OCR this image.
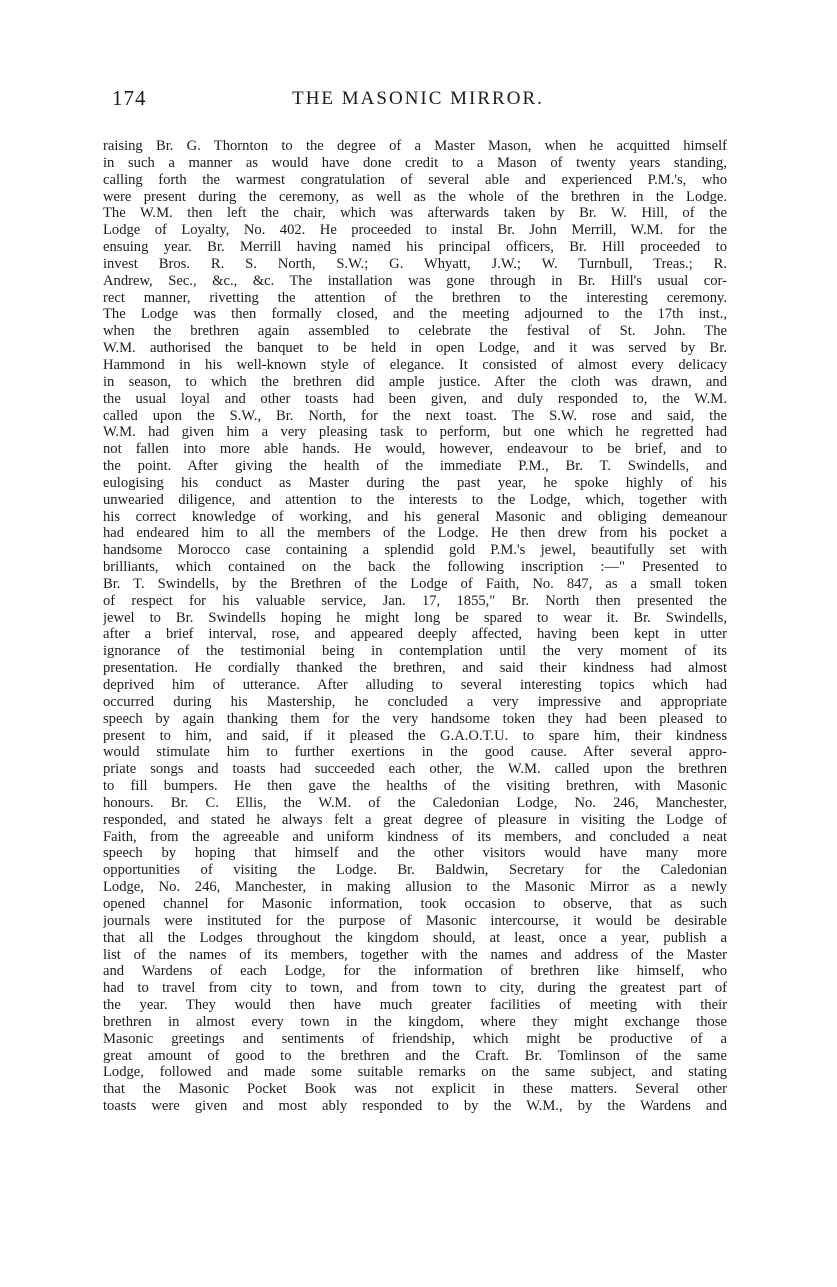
174	THE MASONIC MIRROR.
raising Br. G. Thornton to the degree of a Master Mason, when he acquitted himself
in such a manner as would have done credit to a Mason of twenty years standing,
calling forth the warmest congratulation of several able and experienced P.M.'s, who
were present during the ceremony, as well as the whole of the brethren in the Lodge.
The W.M. then left the chair, which was afterwards taken by Br. W. Hill, of the
Lodge of Loyalty, No. 402. He proceeded to instal Br. John Merrill, W.M. for the
ensuing year. Br. Merrill having named his principal officers, Br. Hill proceeded to
invest Bros. R. S. North, S.W.; G. Whyatt, J.W.; W. Turnbull, Treas.; R.
Andrew, Sec., &c., &c. The installation was gone through in Br. Hill's usual cor-
rect manner, rivetting the attention of the brethren to the interesting ceremony.
The Lodge was then formally closed, and the meeting adjourned to the 17th inst.,
when the brethren again assembled to celebrate the festival of St. John. The
W.M. authorised the banquet to be held in open Lodge, and it was served by Br.
Hammond in his well-known style of elegance. It consisted of almost every delicacy
in season, to which the brethren did ample justice. After the cloth was drawn, and
the usual loyal and other toasts had been given, and duly responded to, the W.M.
called upon the S.W., Br. North, for the next toast. The S.W. rose and said, the
W.M. had given him a very pleasing task to perform, but one which he regretted had
not fallen into more able hands. He would, however, endeavour to be brief, and to
the point. After giving the health of the immediate P.M., Br. T. Swindells, and
eulogising his conduct as Master during the past year, he spoke highly of his
unwearied diligence, and attention to the interests to the Lodge, which, together with
his correct knowledge of working, and his general Masonic and obliging demeanour
had endeared him to all the members of the Lodge. He then drew from his pocket a
handsome Morocco case containing a splendid gold P.M.'s jewel, beautifully set with
brilliants, which contained on the back the following inscription :—" Presented to
Br. T. Swindells, by the Brethren of the Lodge of Faith, No. 847, as a small token
of respect for his valuable service, Jan. 17, 1855," Br. North then presented the
jewel to Br. Swindells hoping he might long be spared to wear it. Br. Swindells,
after a brief interval, rose, and appeared deeply affected, having been kept in utter
ignorance of the testimonial being in contemplation until the very moment of its
presentation. He cordially thanked the brethren, and said their kindness had almost
deprived him of utterance. After alluding to several interesting topics which had
occurred during his Mastership, he concluded a very impressive and appropriate
speech by again thanking them for the very handsome token they had been pleased to
present to him, and said, if it pleased the G.A.O.T.U. to spare him, their kindness
would stimulate him to further exertions in the good cause. After several appro-
priate songs and toasts had succeeded each other, the W.M. called upon the brethren
to fill bumpers. He then gave the healths of the visiting brethren, with Masonic
honours. Br. C. Ellis, the W.M. of the Caledonian Lodge, No. 246, Manchester,
responded, and stated he always felt a great degree of pleasure in visiting the Lodge of
Faith, from the agreeable and uniform kindness of its members, and concluded a neat
speech by hoping that himself and the other visitors would have many more
opportunities of visiting the Lodge. Br. Baldwin, Secretary for the Caledonian
Lodge, No. 246, Manchester, in making allusion to the Masonic Mirror as a newly
opened channel for Masonic information, took occasion to observe, that as such
journals were instituted for the purpose of Masonic intercourse, it would be desirable
that all the Lodges throughout the kingdom should, at least, once a year, publish a
list of the names of its members, together with the names and address of the Master
and Wardens of each Lodge, for the information of brethren like himself, who
had to travel from city to town, and from town to city, during the greatest part of
the year. They would then have much greater facilities of meeting with their
brethren in almost every town in the kingdom, where they might exchange those
Masonic greetings and sentiments of friendship, which might be productive of a
great amount of good to the brethren and the Craft. Br. Tomlinson of the same
Lodge, followed and made some suitable remarks on the same subject, and stating
that the Masonic Pocket Book was not explicit in these matters. Several other
toasts were given and most ably responded to by the W.M., by the Wardens and
